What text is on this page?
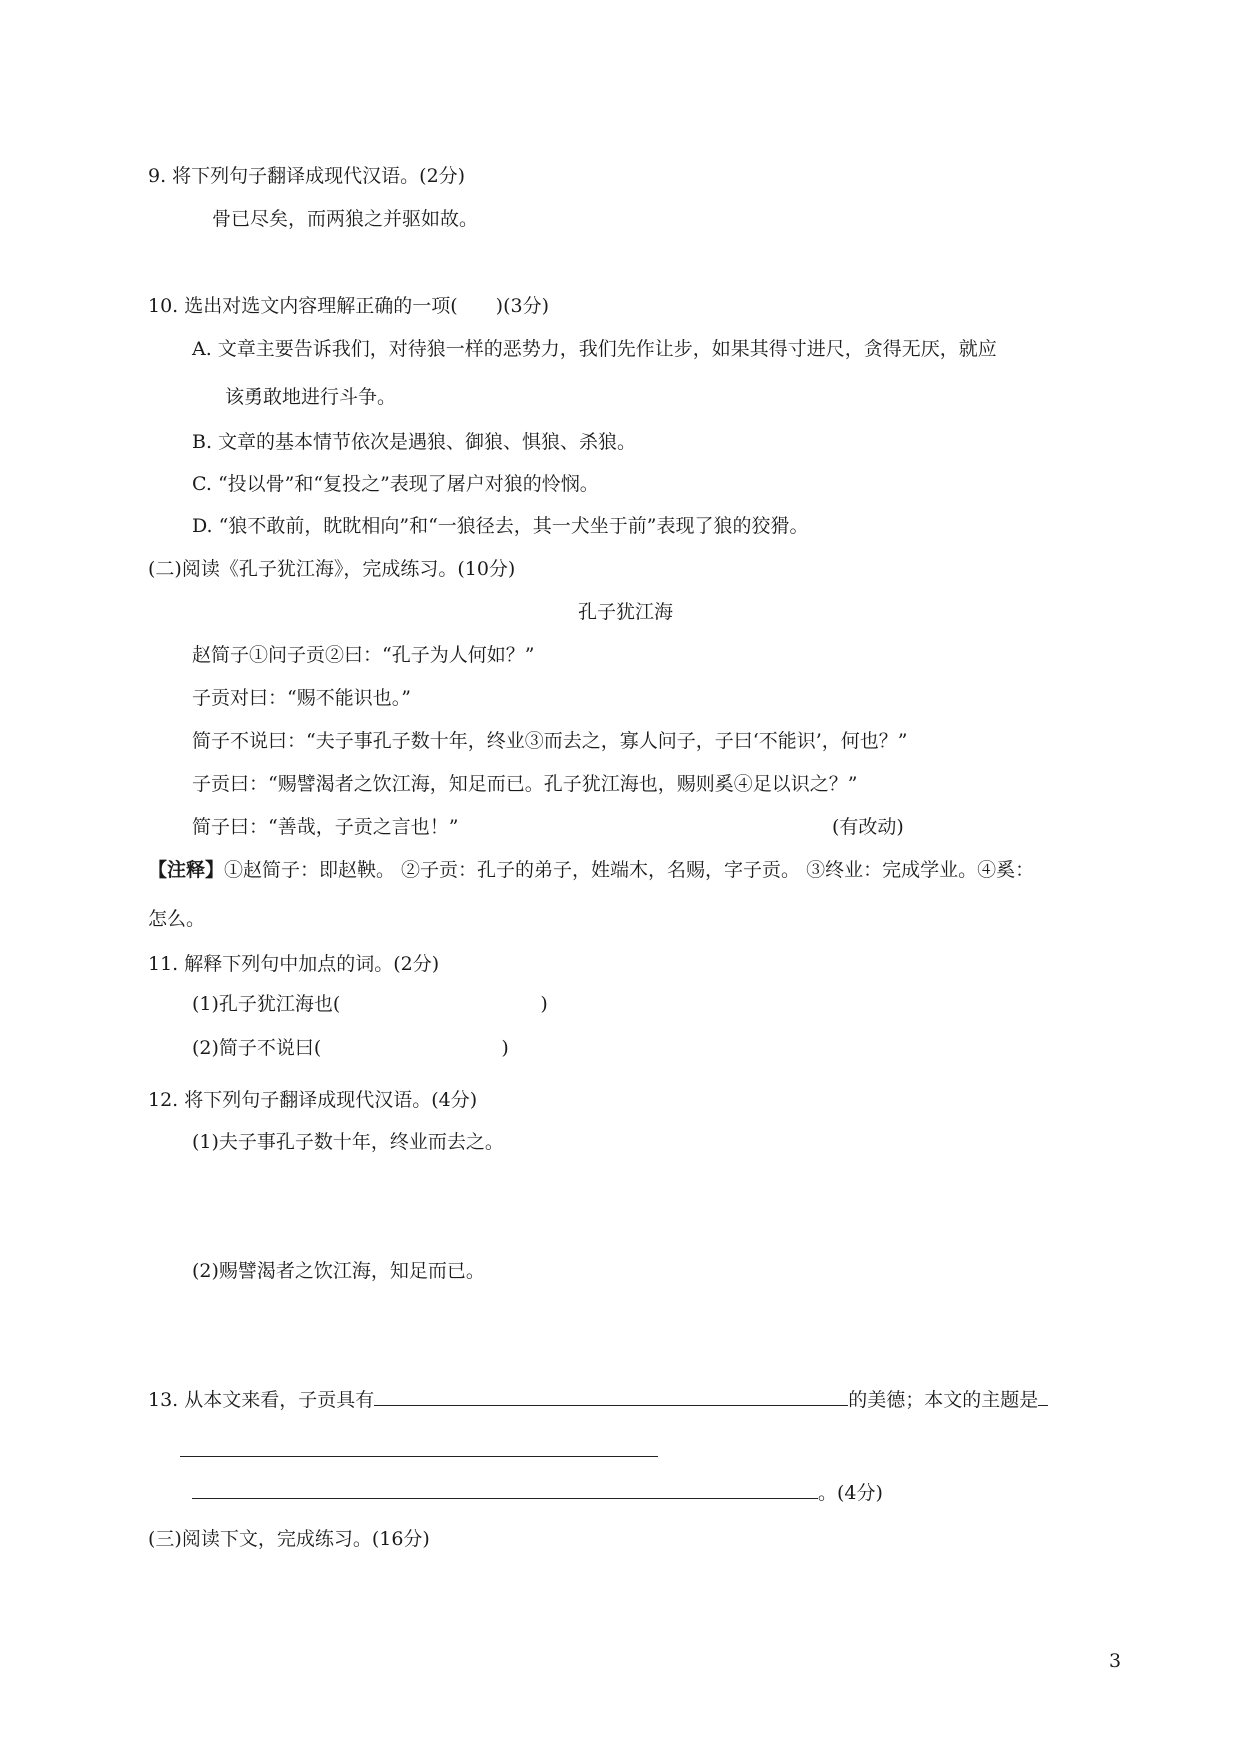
9. 将下列句子翻译成现代汉语。(2分)
骨已尽矣，而两狼之并驱如故。
10. 选出对选文内容理解正确的一项( )(3分)
A. 文章主要告诉我们，对待狼一样的恶势力，我们先作让步，如果其得寸进尺，贪得无厌，就应
该勇敢地进行斗争。
B. 文章的基本情节依次是遇狼、御狼、惧狼、杀狼。
C. “投以骨”和“复投之”表现了屠户对狼的怜悯。
D. “狼不敢前，眈眈相向”和“一狼径去，其一犬坐于前”表现了狼的狡猾。
(二)阅读《孔子犹江海》，完成练习。(10分)
孔子犹江海
赵简子①问子贡②曰：“孔子为人何如？”
子贡对曰：“赐不能识也。”
简子不说曰：“夫子事孔子数十年，终业③而去之，寡人问子，子曰‘不能识’，何也？”
子贡曰：“赐譬渴者之饮江海，知足而已。孔子犹江海也，赐则奚④足以识之？”
简子曰：“善哉，子贡之言也！”	(有改动)
【注释】①赵简子：即赵鞅。 ②子贡：孔子的弟子，姓端木，名赐，字子贡。 ③终业：完成学业。④奚：
怎么。
11. 解释下列句中加点的词。(2分)
(1)孔子犹江海也(	)
(2)简子不说曰(	)
12. 将下列句子翻译成现代汉语。(4分)
(1)夫子事孔子数十年，终业而去之。
(2)赐譬渴者之饮江海，知足而已。
13. 从本文来看，子贡具有	的美德；本文的主题是
。(4分)
(三)阅读下文，完成练习。(16分)
3
